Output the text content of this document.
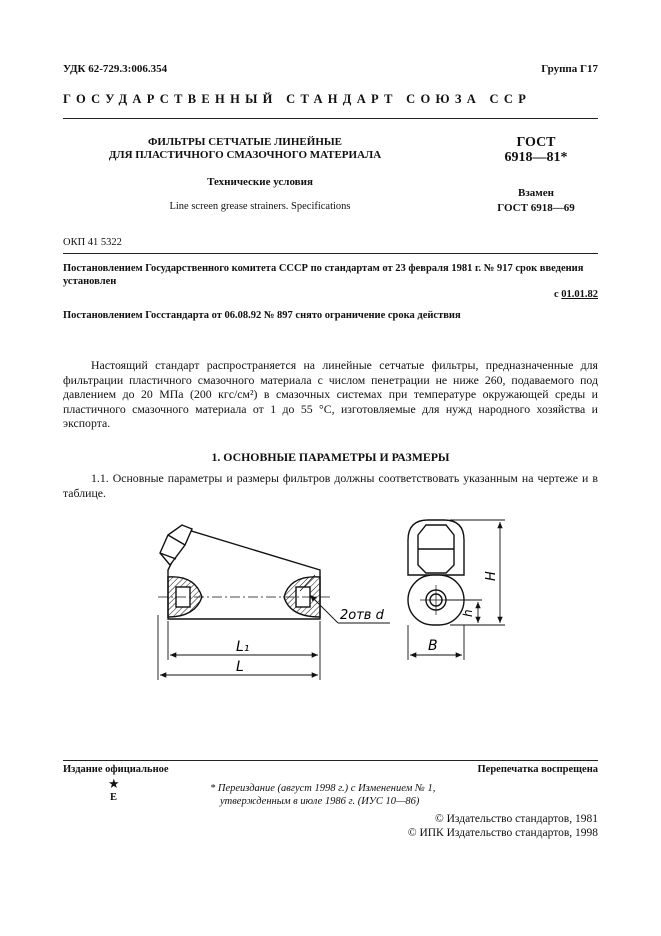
УДК 62-729.3:006.354	Группа Г17
ГОСУДАРСТВЕННЫЙ СТАНДАРТ СОЮЗА ССР
ФИЛЬТРЫ СЕТЧАТЫЕ ЛИНЕЙНЫЕ
ДЛЯ ПЛАСТИЧНОГО СМАЗОЧНОГО МАТЕРИАЛА
Технические условия
Line screen grease strainers. Specifications
ГОСТ
6918—81*
Взамен
ГОСТ 6918—69
ОКП 41 5322
Постановлением Государственного комитета СССР по стандартам от 23 февраля 1981 г. № 917 срок введения установлен
с 01.01.82
Постановлением Госстандарта от 06.08.92 № 897 снято ограничение срока действия
Настоящий стандарт распространяется на линейные сетчатые фильтры, предназначенные для фильтрации пластичного смазочного материала с числом пенетрации не ниже 260, подаваемого под давлением до 20 МПа (200 кгс/см²) в смазочных системах при температуре окружающей среды и пластичного смазочного материала от 1 до 55 °С, изготовляемые для нужд народного хозяйства и экспорта.
1. ОСНОВНЫЕ ПАРАМЕТРЫ И РАЗМЕРЫ
1.1. Основные параметры и размеры фильтров должны соответствовать указанным на чертеже и в таблице.
2отв d
L₁
L
H
h
B
Издание официальное	Перепечатка воспрещена
★
Е
* Переиздание (август 1998 г.) с Изменением № 1,
утвержденным в июле 1986 г. (ИУС 10—86)
© Издательство стандартов, 1981
© ИПК Издательство стандартов, 1998
